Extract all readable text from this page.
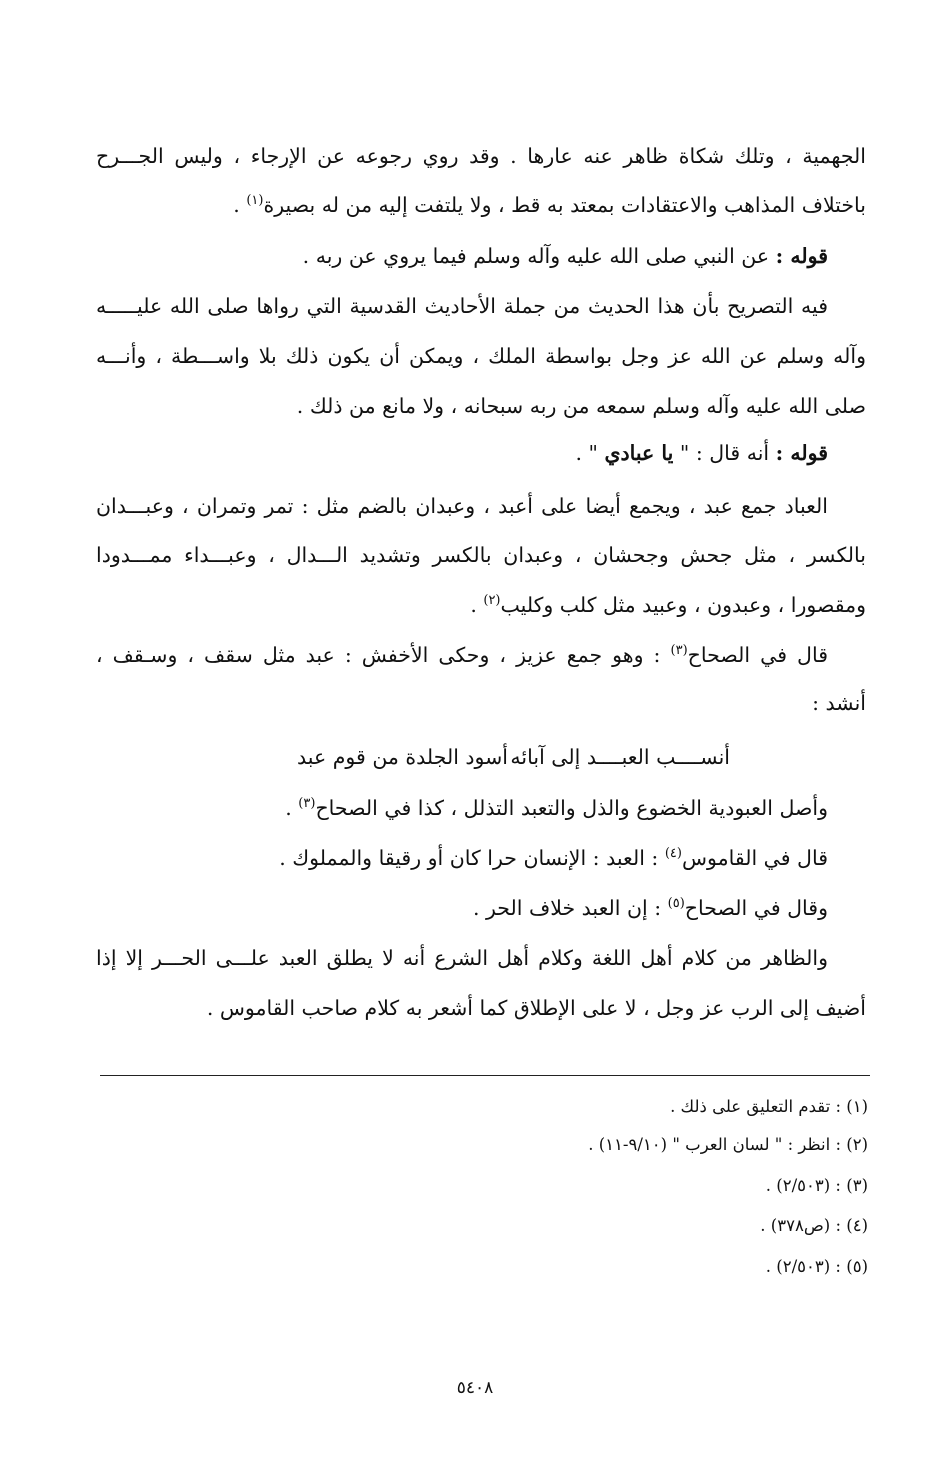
الجهمية ، وتلك شكاة ظاهر عنه عارها . وقد روي رجوعه عن الإرجاء ، وليس الجـــرح
باختلاف المذاهب والاعتقادات بمعتد به قط ، ولا يلتفت إليه من له بصيرة$^{(١)}$ .
قوله : عن النبي صلى الله عليه وآله وسلم فيما يروي عن ربه .
فيه التصريح بأن هذا الحديث من جملة الأحاديث القدسية التي رواها صلى الله عليـــــه
وآله وسلم عن الله عز وجل بواسطة الملك ، ويمكن أن يكون ذلك بلا واســـطة ، وأنـــه
صلى الله عليه وآله وسلم سمعه من ربه سبحانه ، ولا مانع من ذلك .
قوله : أنه قال : " يا عبادي " .
العباد جمع عبد ، ويجمع أيضا على أعبد ، وعبدان بالضم مثل : تمر وتمران ، وعبـــدان
بالكسر ، مثل جحش وجحشان ، وعبدان بالكسر وتشديد الـــدال ، وعبـــداء ممـــدودا
ومقصورا ، وعبدون ، وعبيد مثل كلب وكليب$^{(٢)}$ .
قال في الصحاح$^{(٣)}$ : وهو جمع عزيز ، وحكى الأخفش : عبد مثل سقف ، وسـقف ،
أنشد :
أنســــب العبــــد إلى آبائه
أسود الجلدة من قوم عبد
وأصل العبودية الخضوع والذل والتعبد التذلل ، كذا في الصحاح$^{(٣)}$ .
قال في القاموس$^{(٤)}$ : العبد : الإنسان حرا كان أو رقيقا والمملوك .
وقال في الصحاح$^{(٥)}$ : إن العبد خلاف الحر .
والظاهر من كلام أهل اللغة وكلام أهل الشرع أنه لا يطلق العبد علـــى الحـــر إلا إذا
أضيف إلى الرب عز وجل ، لا على الإطلاق كما أشعر به كلام صاحب القاموس .
(١) : تقدم التعليق على ذلك .
(٢) : انظر : " لسان العرب " (٩/١٠-١١) .
(٣) : (٢/٥٠٣) .
(٤) : (ص٣٧٨) .
(٥) : (٢/٥٠٣) .
٥٤٠٨
